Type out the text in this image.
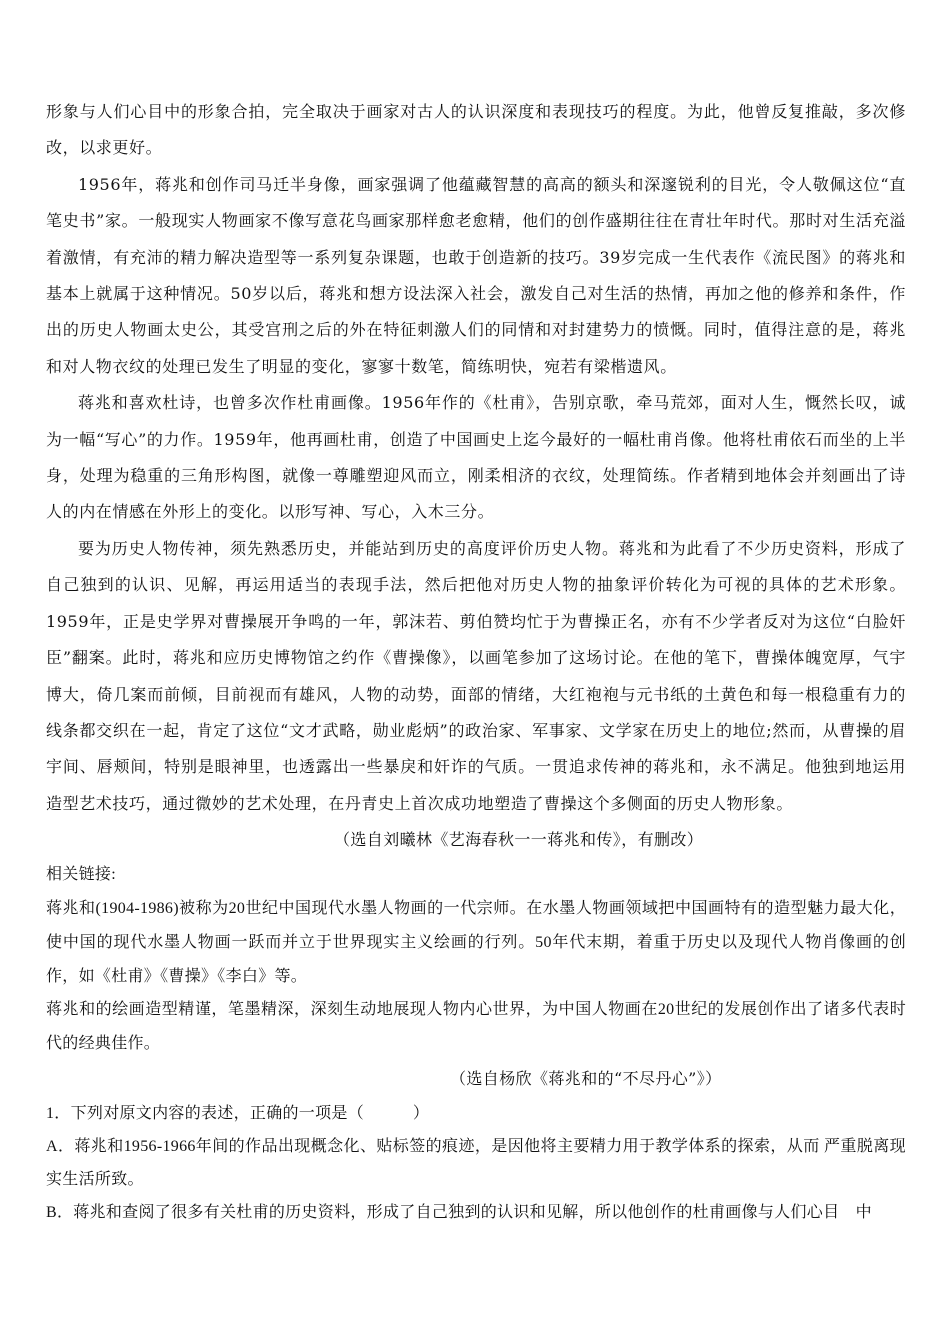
形象与人们心目中的形象合拍，完全取决于画家对古人的认识深度和表现技巧的程度。为此，他曾反复推敲，多次修改，以求更好。

1956年，蒋兆和创作司马迁半身像，画家强调了他蕴藏智慧的高高的额头和深邃锐利的目光，令人敬佩这位“直笔史书”家。一般现实人物画家不像写意花鸟画家那样愈老愈精，他们的创作盛期往往在青壮年时代。那时对生活充溢着激情，有充沛的精力解决造型等一系列复杂课题，也敢于创造新的技巧。39岁完成一生代表作《流民图》的蒋兆和基本上就属于这种情况。50岁以后，蒋兆和想方设法深入社会，激发自己对生活的热情，再加之他的修养和条件，作出的历史人物画太史公，其受宫刑之后的外在特征刺激人们的同情和对封建势力的愤慨。同时，值得注意的是，蒋兆和对人物衣纹的处理已发生了明显的变化，寥寥十数笔，简练明快，宛若有梁楷遗风。

蒋兆和喜欢杜诗，也曾多次作杜甫画像。1956年作的《杜甫》，告别京歌，牵马荒郊，面对人生，慨然长叹，诚为一幅“写心”的力作。1959年，他再画杜甫，创造了中国画史上迄今最好的一幅杜甫肖像。他将杜甫依石而坐的上半身，处理为稳重的三角形构图，就像一尊雕塑迎风而立，刚柔相济的衣纹，处理简练。作者精到地体会并刻画出了诗人的内在情感在外形上的变化。以形写神、写心，入木三分。

要为历史人物传神，须先熟悉历史，并能站到历史的高度评价历史人物。蒋兆和为此看了不少历史资料，形成了自己独到的认识、见解，再运用适当的表现手法，然后把他对历史人物的抽象评价转化为可视的具体的艺术形象。1959年，正是史学界对曹操展开争鸣的一年，郭沫若、剪伯赞均忙于为曹操正名，亦有不少学者反对为这位“白脸奸臣”翻案。此时，蒋兆和应历史博物馆之约作《曹操像》，以画笔参加了这场讨论。在他的笔下，曹操体魄宽厚，气宇博大，倚几案而前倾，目前视而有雄风，人物的动势，面部的情绪，大红袍袍与元书纸的土黄色和每一根稳重有力的线条都交织在一起，肯定了这位“文才武略，勋业彪炳”的政治家、军事家、文学家在历史上的地位;然而，从曹操的眉宇间、唇颊间，特别是眼神里，也透露出一些暴戾和奸诈的气质。一贯追求传神的蒋兆和，永不满足。他独到地运用造型艺术技巧，通过微妙的艺术处理，在丹青史上首次成功地塑造了曹操这个多侧面的历史人物形象。

（选自刘曦林《艺海春秋一一蒋兆和传》，有删改）

相关链接:

蒋兆和(1904-1986)被称为20世纪中国现代水墨人物画的一代宗师。在水墨人物画领域把中国画特有的造型魅力最大化，使中国的现代水墨人物画一跃而并立于世界现实主义绘画的行列。50年代末期，着重于历史以及现代人物肖像画的创作，如《杜甫》《曹操》《李白》等。

蒋兆和的绘画造型精谨，笔墨精深，深刻生动地展现人物内心世界，为中国人物画在20世纪的发展创作出了诸多代表时代的经典佳作。

（选自杨欣《蒋兆和的“不尽丹心”》）

1．下列对原文内容的表述，正确的一项是（　　　）

A．蒋兆和1956-1966年间的作品出现概念化、贴标签的痕迹，是因他将主要精力用于教学体系的探索，从而 严重脱离现实生活所致。

B．蒋兆和查阅了很多有关杜甫的历史资料，形成了自己独到的认识和见解，所以他创作的杜甫画像与人们心目　中
